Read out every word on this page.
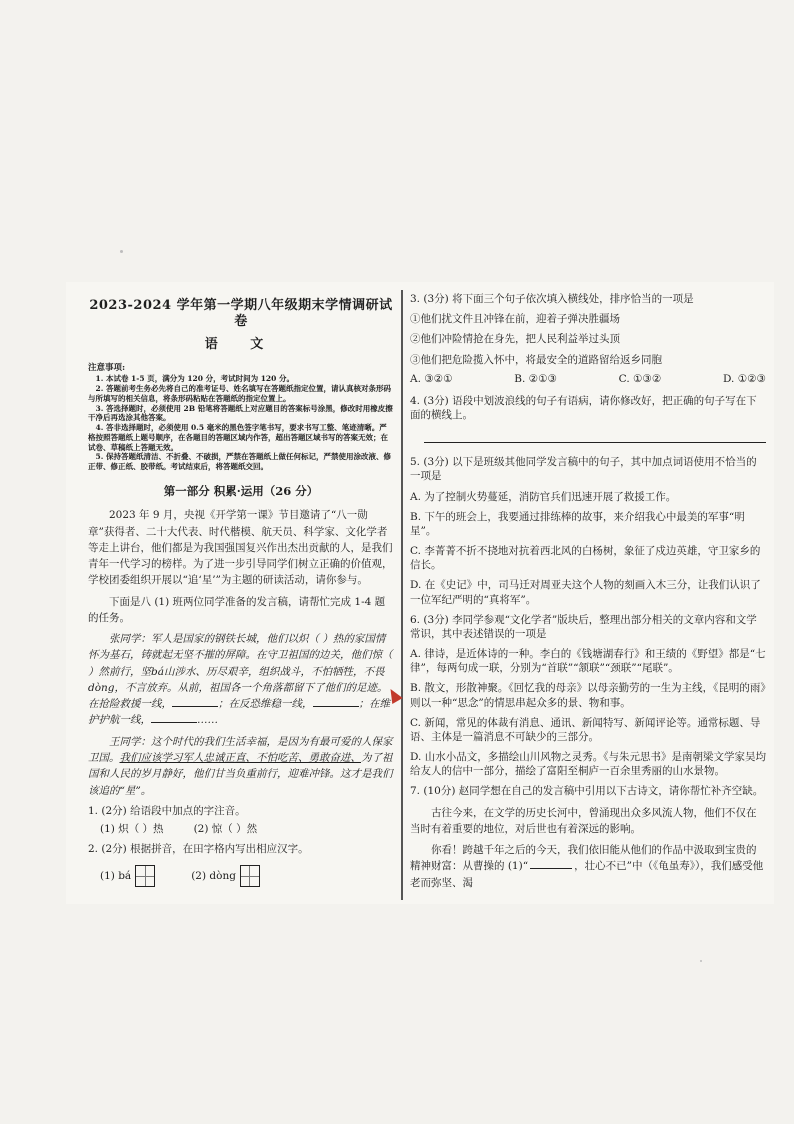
2023-2024 学年第一学期八年级期末学情调研试卷
语 文
注意事项:
1. 本试卷 1-5 页，满分为 120 分，考试时间为 120 分。
2. 答题前考生务必先将自己的准考证号、姓名填写在答题纸指定位置，请认真核对条形码与所填写的相关信息，将条形码粘贴在答题纸的指定位置上。
3. 答选择题时，必须使用 2B 铅笔将答题纸上对应题目的答案标号涂黑，修改时用橡皮擦干净后再选涂其他答案。
4. 答非选择题时，必须使用 0.5 毫米的黑色签字笔书写，要求书写工整、笔迹清晰。严格按照答题纸上题号顺序，在各题目的答题区域内作答，超出答题区域书写的答案无效；在试卷、草稿纸上答题无效。
5. 保持答题纸清洁、不折叠、不破损，严禁在答题纸上做任何标记，严禁使用涂改液、修正带、修正纸、胶带纸。考试结束后，将答题纸交回。
第一部分 积累·运用（26 分）

2023 年 9 月，央视《开学第一课》节目邀请了“八一勋章”获得者、二十大代表、时代楷模、航天员、科学家、文化学者等走上讲台，他们都是为我国强国复兴作出杰出贡献的人，是我们青年一代学习的榜样。为了进一步引导同学们树立正确的价值观，学校团委组织开展以“追‘星’”为主题的研读活动，请你参与。

下面是八 (1) 班两位同学准备的发言稿，请帮忙完成 1-4 题的任务。

张同学：军人是国家的钢铁长城，他们以炽（ ）热的家国情怀为基石，铸就起无坚不摧的屏障。在守卫祖国的边关，他们惊（ ）然前行，坚bá山涉水、历尽艰辛，组织战斗，不怕牺牲，不畏dòng，不言放弃。从前，祖国各一个角落都留下了他们的足迹。在抢险救援一线，	；在反恐维稳一线，	；在维护护航一线，	……

王同学：这个时代的我们生活幸福，是因为有最可爱的人保家卫国。我们应该学习军人忠诚正直、不怕吃苦、勇敢奋进、为了祖国和人民的岁月静好，他们甘当负重前行，迎难冲锋。这才是我们该追的“星”。

1. (2分) 给语段中加点的字注音。
(1) 炽（ ）热	(2) 惊（ ）然
2. (2分) 根据拼音，在田字格内写出相应汉字。
(1) bá	(2) dòng
3. (3分) 将下面三个句子依次填入横线处，排序恰当的一项是
①他们扰文件且冲锋在前，迎着子弹决胜疆场
②他们冲险情抢在身先，把人民利益举过头顶
③他们把危险揽入怀中，将最安全的道路留给返乡同胞
A. ③②①	B. ②①③	C. ①③②	D. ①②③
4. (3分) 语段中划波浪线的句子有语病，请你修改好，把正确的句子写在下面的横线上。
5. (3分) 以下是班级其他同学发言稿中的句子，其中加点词语使用不恰当的一项是
A. 为了控制火势蔓延，消防官兵们迅速开展了救援工作。
B. 下午的班会上，我要通过排练棒的故事，来介绍我心中最美的军事“明星”。
C. 李菁菁不折不挠地对抗着西北风的白杨树，象征了戍边英雄，守卫家乡的信长。
D. 在《史记》中，司马迁对周亚夫这个人物的刻画入木三分，让我们认识了一位军纪严明的“真将军”。
6. (3分) 李同学参观“文化学者”版块后，整理出部分相关的文章内容和文学常识，其中表述错误的一项是
A. 律诗，是近体诗的一种。李白的《钱塘湖春行》和王绩的《野望》都是“七律”，每两句成一联，分别为“首联”“颔联”“颈联”“尾联”。
B. 散文，形散神聚。《回忆我的母亲》以母亲勤劳的一生为主线，《昆明的雨》则以一种“思念”的情思串起众多的景、物和事。
C. 新闻，常见的体裁有消息、通讯、新闻特写、新闻评论等。通常标题、导语、主体是一篇消息不可缺少的三部分。
D. 山水小品文，多描绘山川风物之灵秀。《与朱元思书》是南朝梁文学家吴均给友人的信中一部分，描绘了富阳至桐庐一百余里秀丽的山水景物。
7. (10分) 赵同学想在自己的发言稿中引用以下古诗文，请你帮忙补齐空缺。

古往今来，在文学的历史长河中，曾涌现出众多风流人物，他们不仅在当时有着重要的地位，对后世也有着深远的影响。

你看！跨越千年之后的今天，我们依旧能从他们的作品中汲取到宝贵的精神财富：从曹操的 (1)“	，壮心不已”中（《龟虽寿》），我们感受他老而弥坚、渴
